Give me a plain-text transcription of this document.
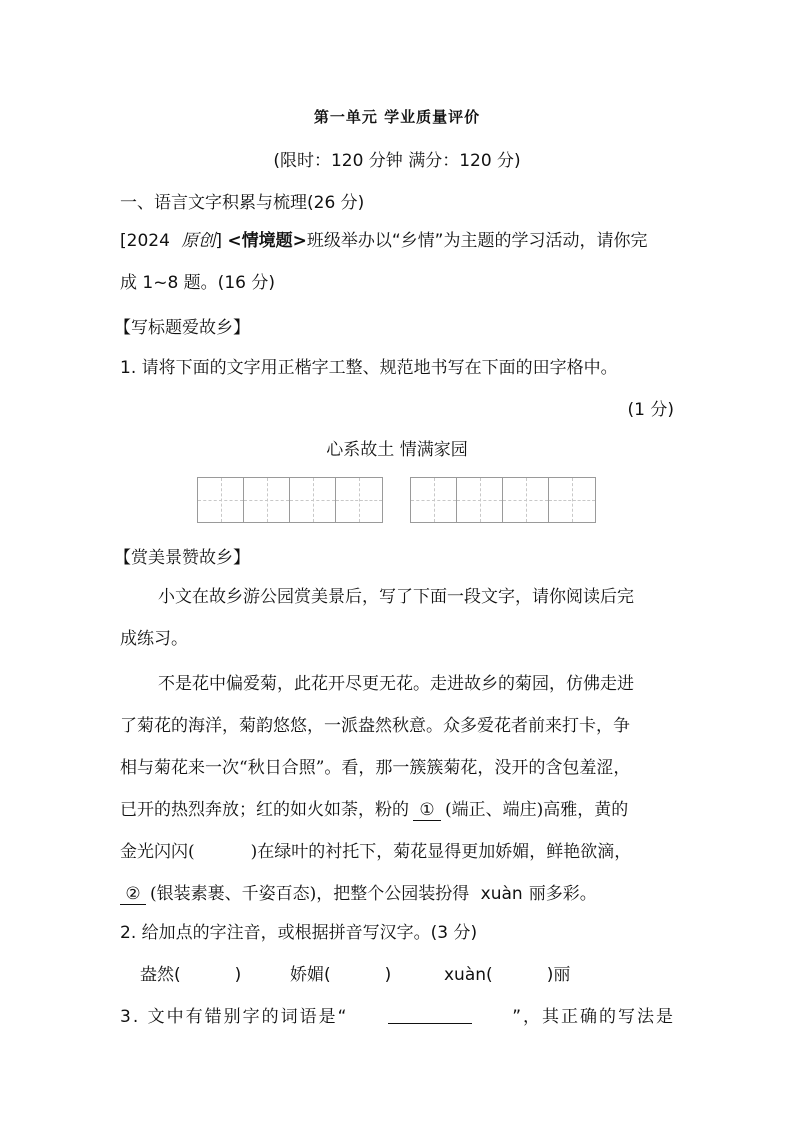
第一单元 学业质量评价
(限时：120 分钟 满分：120 分)
一、语言文字积累与梳理(26 分)
[2024 原创] <情境题>班级举办以“乡情”为主题的学习活动，请你完
成 1~8 题。(16 分)
【写标题爱故乡】
1. 请将下面的文字用正楷字工整、规范地书写在下面的田字格中。
(1 分)
心系故土 情满家园
【赏美景赞故乡】
小文在故乡游公园赏美景后，写了下面一段文字，请你阅读后完
成练习。
不是花中偏爱菊，此花开尽更无花。走进故乡的菊园，仿佛走进
了菊花的海洋，菊韵悠悠，一派盎然秋意。众多爱花者前来打卡，争
相与菊花来一次“秋日合照”。看，那一簇簇菊花，没开的含包羞涩，
已开的热烈奔放；红的如火如荼，粉的 ① (端正、端庄)高雅，黄的
金光闪闪(	)在绿叶的衬托下，菊花显得更加娇媚，鲜艳欲滴，
② (银装素裹、千姿百态)，把整个公园装扮得 xuàn 丽多彩。
2. 给加点的字注音，或根据拼音写汉字。(3 分)
盎然(          )	娇媚(          )	xuàn(          )丽
3. 文中有错别字的词语是“	”，其正确的写法是
